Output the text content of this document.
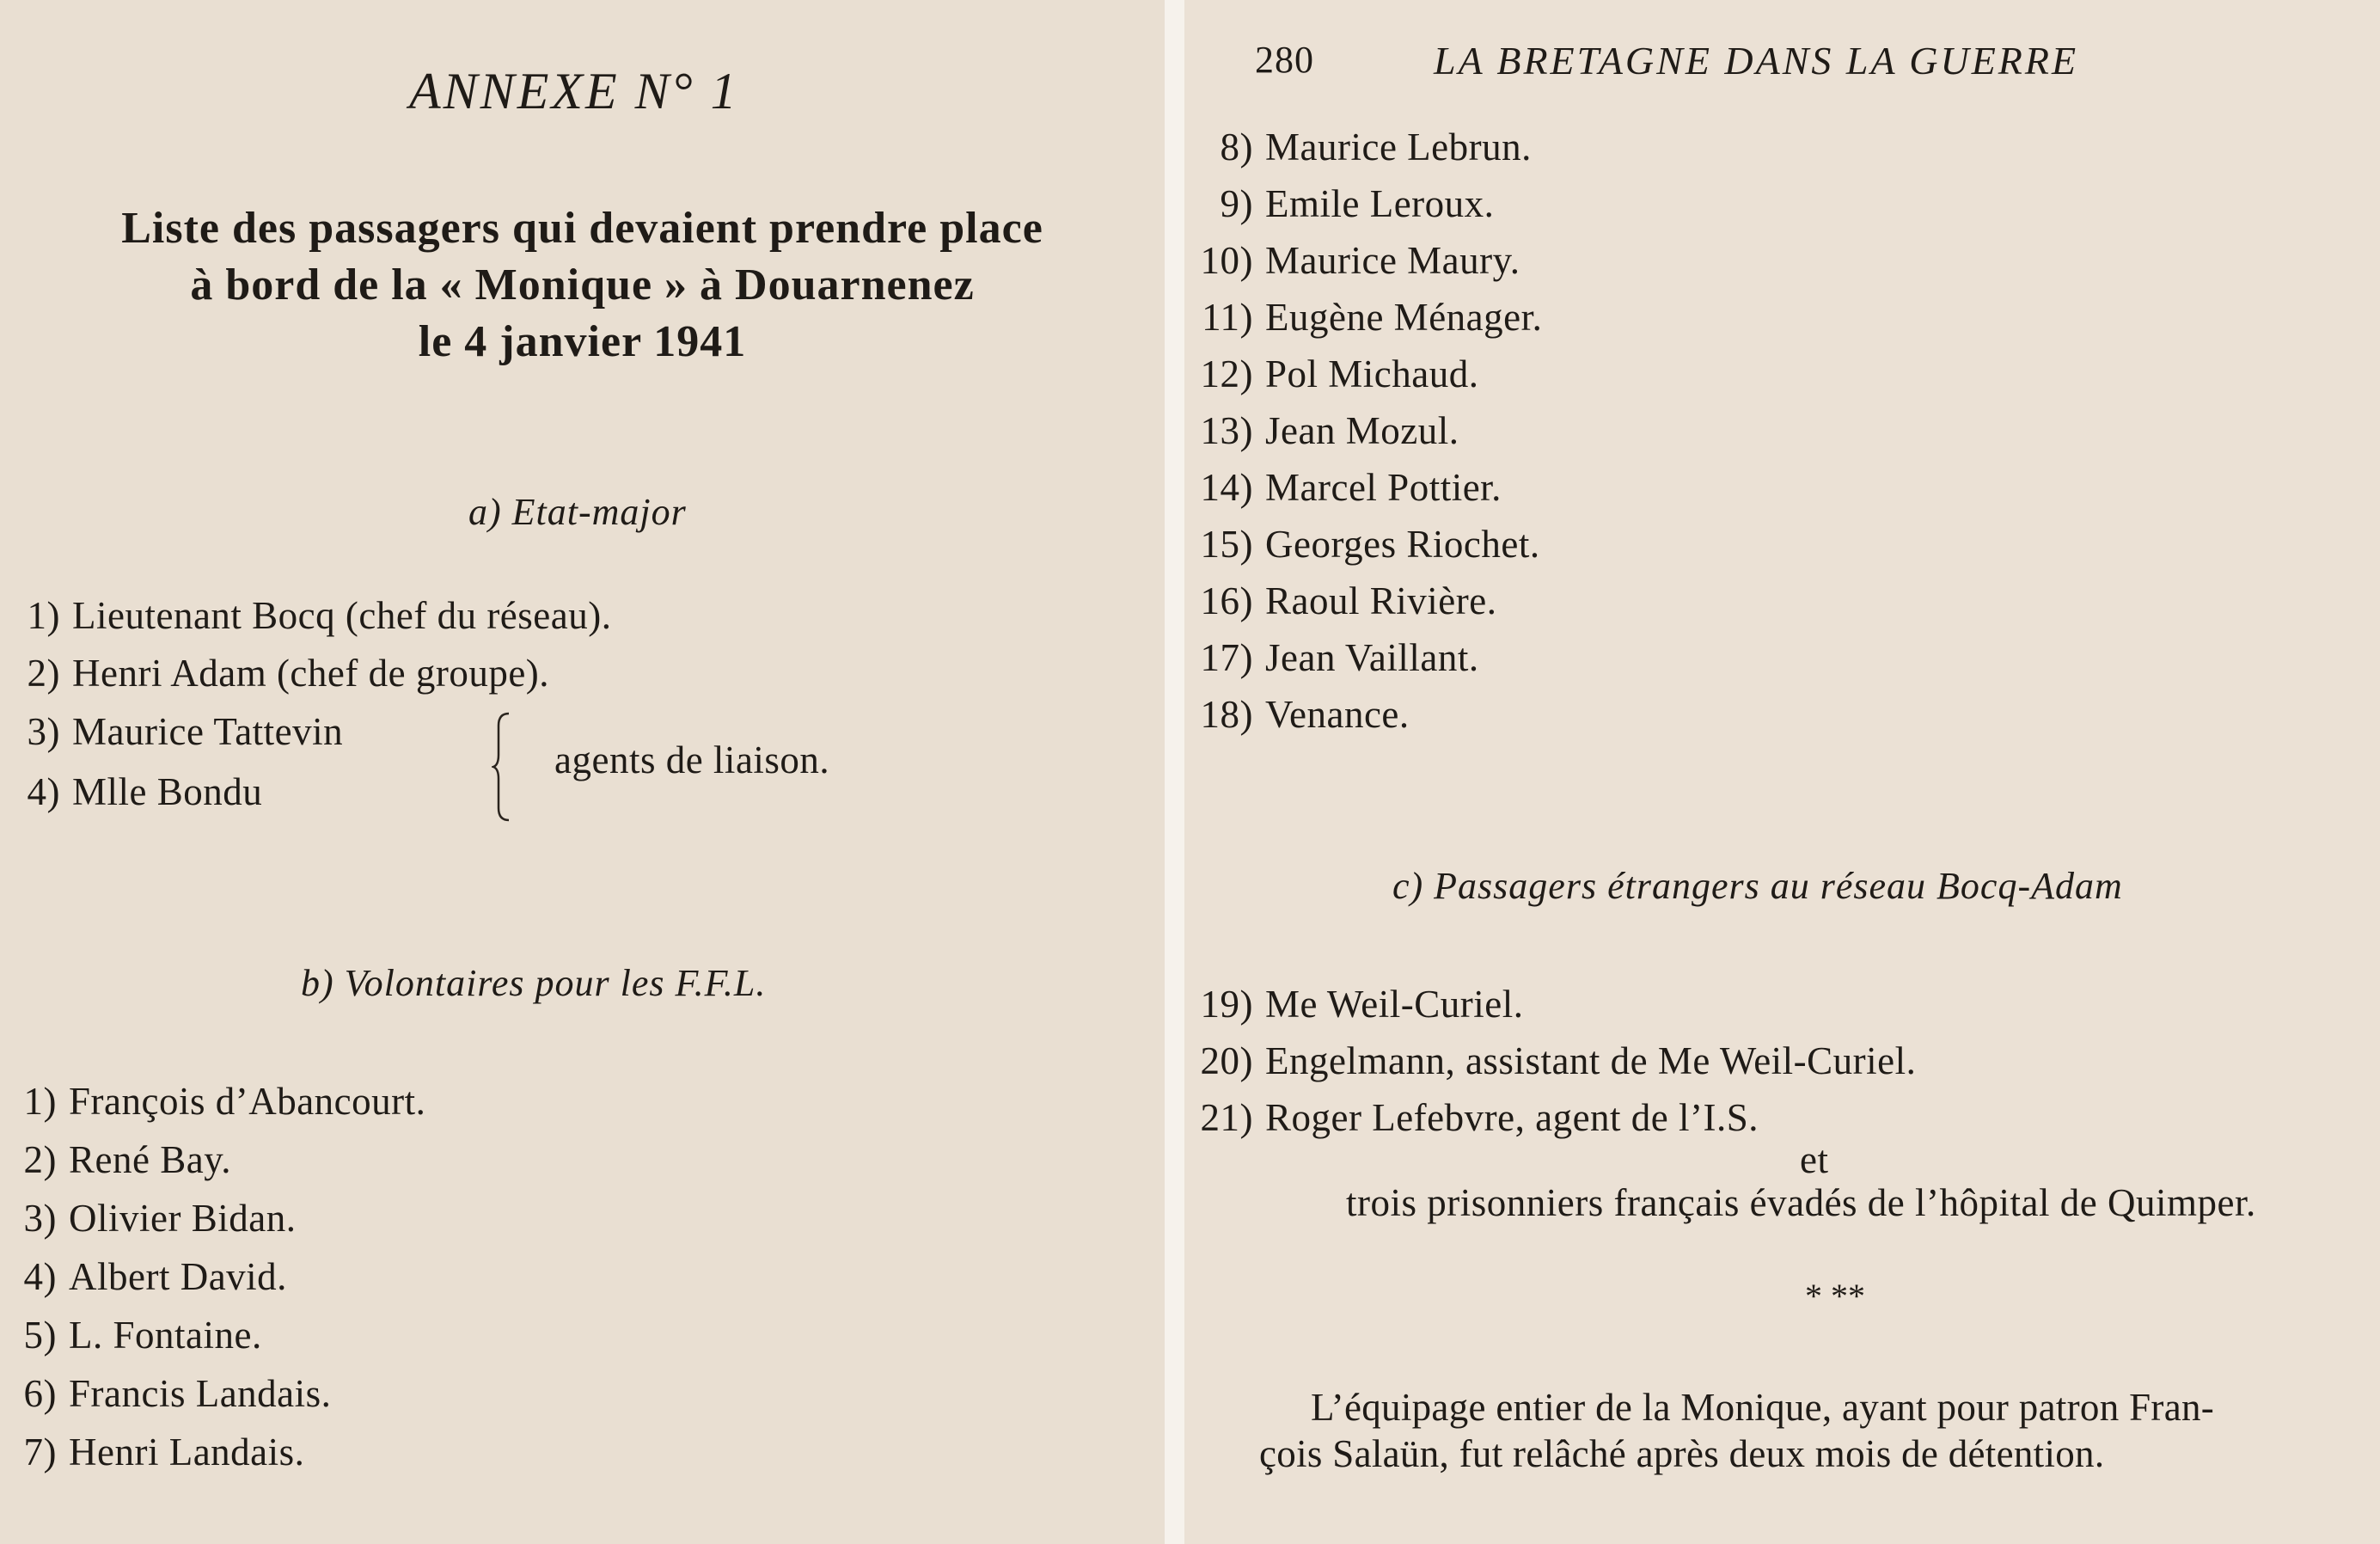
ANNEXE N° 1
Liste des passagers qui devaient prendre place
à bord de la « Monique » à Douarnenez
le 4 janvier 1941
a) Etat-major
1) Lieutenant Bocq (chef du réseau).
2) Henri Adam (chef de groupe).
3) Maurice Tattevin
4) Mlle Bondu
agents de liaison.
b) Volontaires pour les F.F.L.
1) François d’Abancourt.
2) René Bay.
3) Olivier Bidan.
4) Albert David.
5) L. Fontaine.
6) Francis Landais.
7) Henri Landais.
280	LA BRETAGNE DANS LA GUERRE
8) Maurice Lebrun.
9) Emile Leroux.
10) Maurice Maury.
11) Eugène Ménager.
12) Pol Michaud.
13) Jean Mozul.
14) Marcel Pottier.
15) Georges Riochet.
16) Raoul Rivière.
17) Jean Vaillant.
18) Venance.
c) Passagers étrangers au réseau Bocq-Adam
19) Me Weil-Curiel.
20) Engelmann, assistant de Me Weil-Curiel.
21) Roger Lefebvre, agent de l’I.S.
et
trois prisonniers français évadés de l’hôpital de Quimper.
* **
L’équipage entier de la Monique, ayant pour patron Fran-
çois Salaün, fut relâché après deux mois de détention.
